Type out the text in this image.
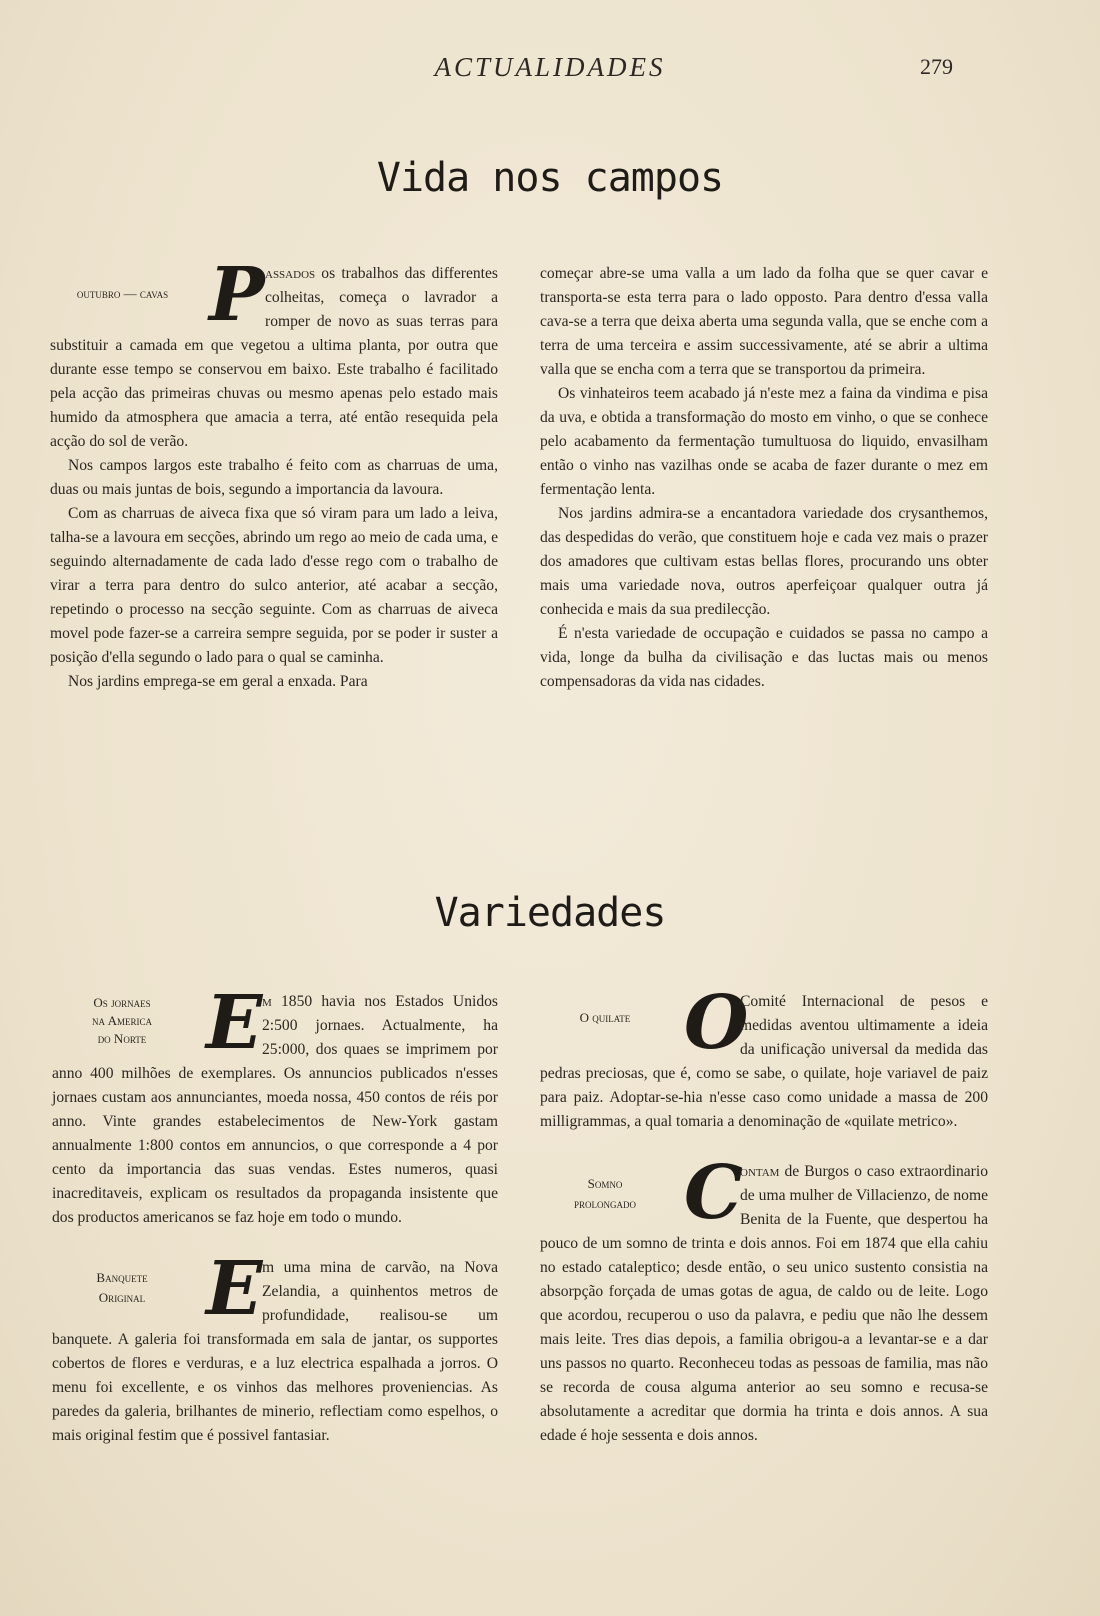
ACTUALIDADES	279
Vida nos campos

outubro — cavas P assados os trabalhos das differentes colheitas, começa o lavrador a romper de novo as suas terras para substituir a camada em que vegetou a ultima planta, por outra que durante esse tempo se conservou em baixo. Este trabalho é facilitado pela acção das primeiras chuvas ou mesmo apenas pelo estado mais humido da atmosphera que amacia a terra, até então resequida pela acção do sol de verão.

Nos campos largos este trabalho é feito com as charruas de uma, duas ou mais juntas de bois, segundo a importancia da lavoura.

Com as charruas de aiveca fixa que só viram para um lado a leiva, talha-se a lavoura em secções, abrindo um rego ao meio de cada uma, e seguindo alternadamente de cada lado d'esse rego com o trabalho de virar a terra para dentro do sulco anterior, até acabar a secção, repetindo o processo na secção seguinte. Com as charruas de aiveca movel pode fazer-se a carreira sempre seguida, por se poder ir suster a posição d'ella segundo o lado para o qual se caminha.

Nos jardins emprega-se em geral a enxada. Para

começar abre-se uma valla a um lado da folha que se quer cavar e transporta-se esta terra para o lado opposto. Para dentro d'essa valla cava-se a terra que deixa aberta uma segunda valla, que se enche com a terra de uma terceira e assim successivamente, até se abrir a ultima valla que se encha com a terra que se transportou da primeira.

Os vinhateiros teem acabado já n'este mez a faina da vindima e pisa da uva, e obtida a transformação do mosto em vinho, o que se conhece pelo acabamento da fermentação tumultuosa do liquido, envasilham então o vinho nas vazilhas onde se acaba de fazer durante o mez em fermentação lenta.

Nos jardins admira-se a encantadora variedade dos crysanthemos, das despedidas do verão, que constituem hoje e cada vez mais o prazer dos amadores que cultivam estas bellas flores, procurando uns obter mais uma variedade nova, outros aperfeiçoar qualquer outra já conhecida e mais da sua predilecção.

É n'esta variedade de occupação e cuidados se passa no campo a vida, longe da bulha da civilisação e das luctas mais ou menos compensadoras da vida nas cidades.

Variedades

Os jornaes
na America
do Norte E m 1850 havia nos Estados Unidos 2:500 jornaes. Actualmente, ha 25:000, dos quaes se imprimem por anno 400 milhões de exemplares. Os annuncios publicados n'esses jornaes custam aos annunciantes, moeda nossa, 450 contos de réis por anno. Vinte grandes estabelecimentos de New-York gastam annualmente 1:800 contos em annuncios, o que corresponde a 4 por cento da importancia das suas vendas. Estes numeros, quasi inacreditaveis, explicam os resultados da propaganda insistente que dos productos americanos se faz hoje em todo o mundo.

Banquete
Original E m uma mina de carvão, na Nova Zelandia, a quinhentos metros de profundidade, realisou-se um banquete. A galeria foi transformada em sala de jantar, os supportes cobertos de flores e verduras, e a luz electrica espalhada a jorros. O menu foi excellente, e os vinhos das melhores proveniencias. As paredes da galeria, brilhantes de minerio, reflectiam como espelhos, o mais original festim que é possivel fantasiar.

O quilate O
Comité Internacional de pesos e medidas aventou ultimamente a ideia da unificação universal da medida das pedras preciosas, que é, como se sabe, o quilate, hoje variavel de paiz para paiz. Adoptar-se-hia n'esse caso como unidade a massa de 200 milligrammas, a qual tomaria a denominação de «quilate metrico».

Somno
prolongado C
ontam de Burgos o caso extraordinario de uma mulher de Villacienzo, de nome Benita de la Fuente, que despertou ha pouco de um somno de trinta e dois annos. Foi em 1874 que ella cahiu no estado cataleptico; desde então, o seu unico sustento consistia na absorpção forçada de umas gotas de agua, de caldo ou de leite. Logo que acordou, recuperou o uso da palavra, e pediu que não lhe dessem mais leite. Tres dias depois, a familia obrigou-a a levantar-se e a dar uns passos no quarto. Reconheceu todas as pessoas de familia, mas não se recorda de cousa alguma anterior ao seu somno e recusa-se absolutamente a acreditar que dormia ha trinta e dois annos. A sua edade é hoje sessenta e dois annos.
